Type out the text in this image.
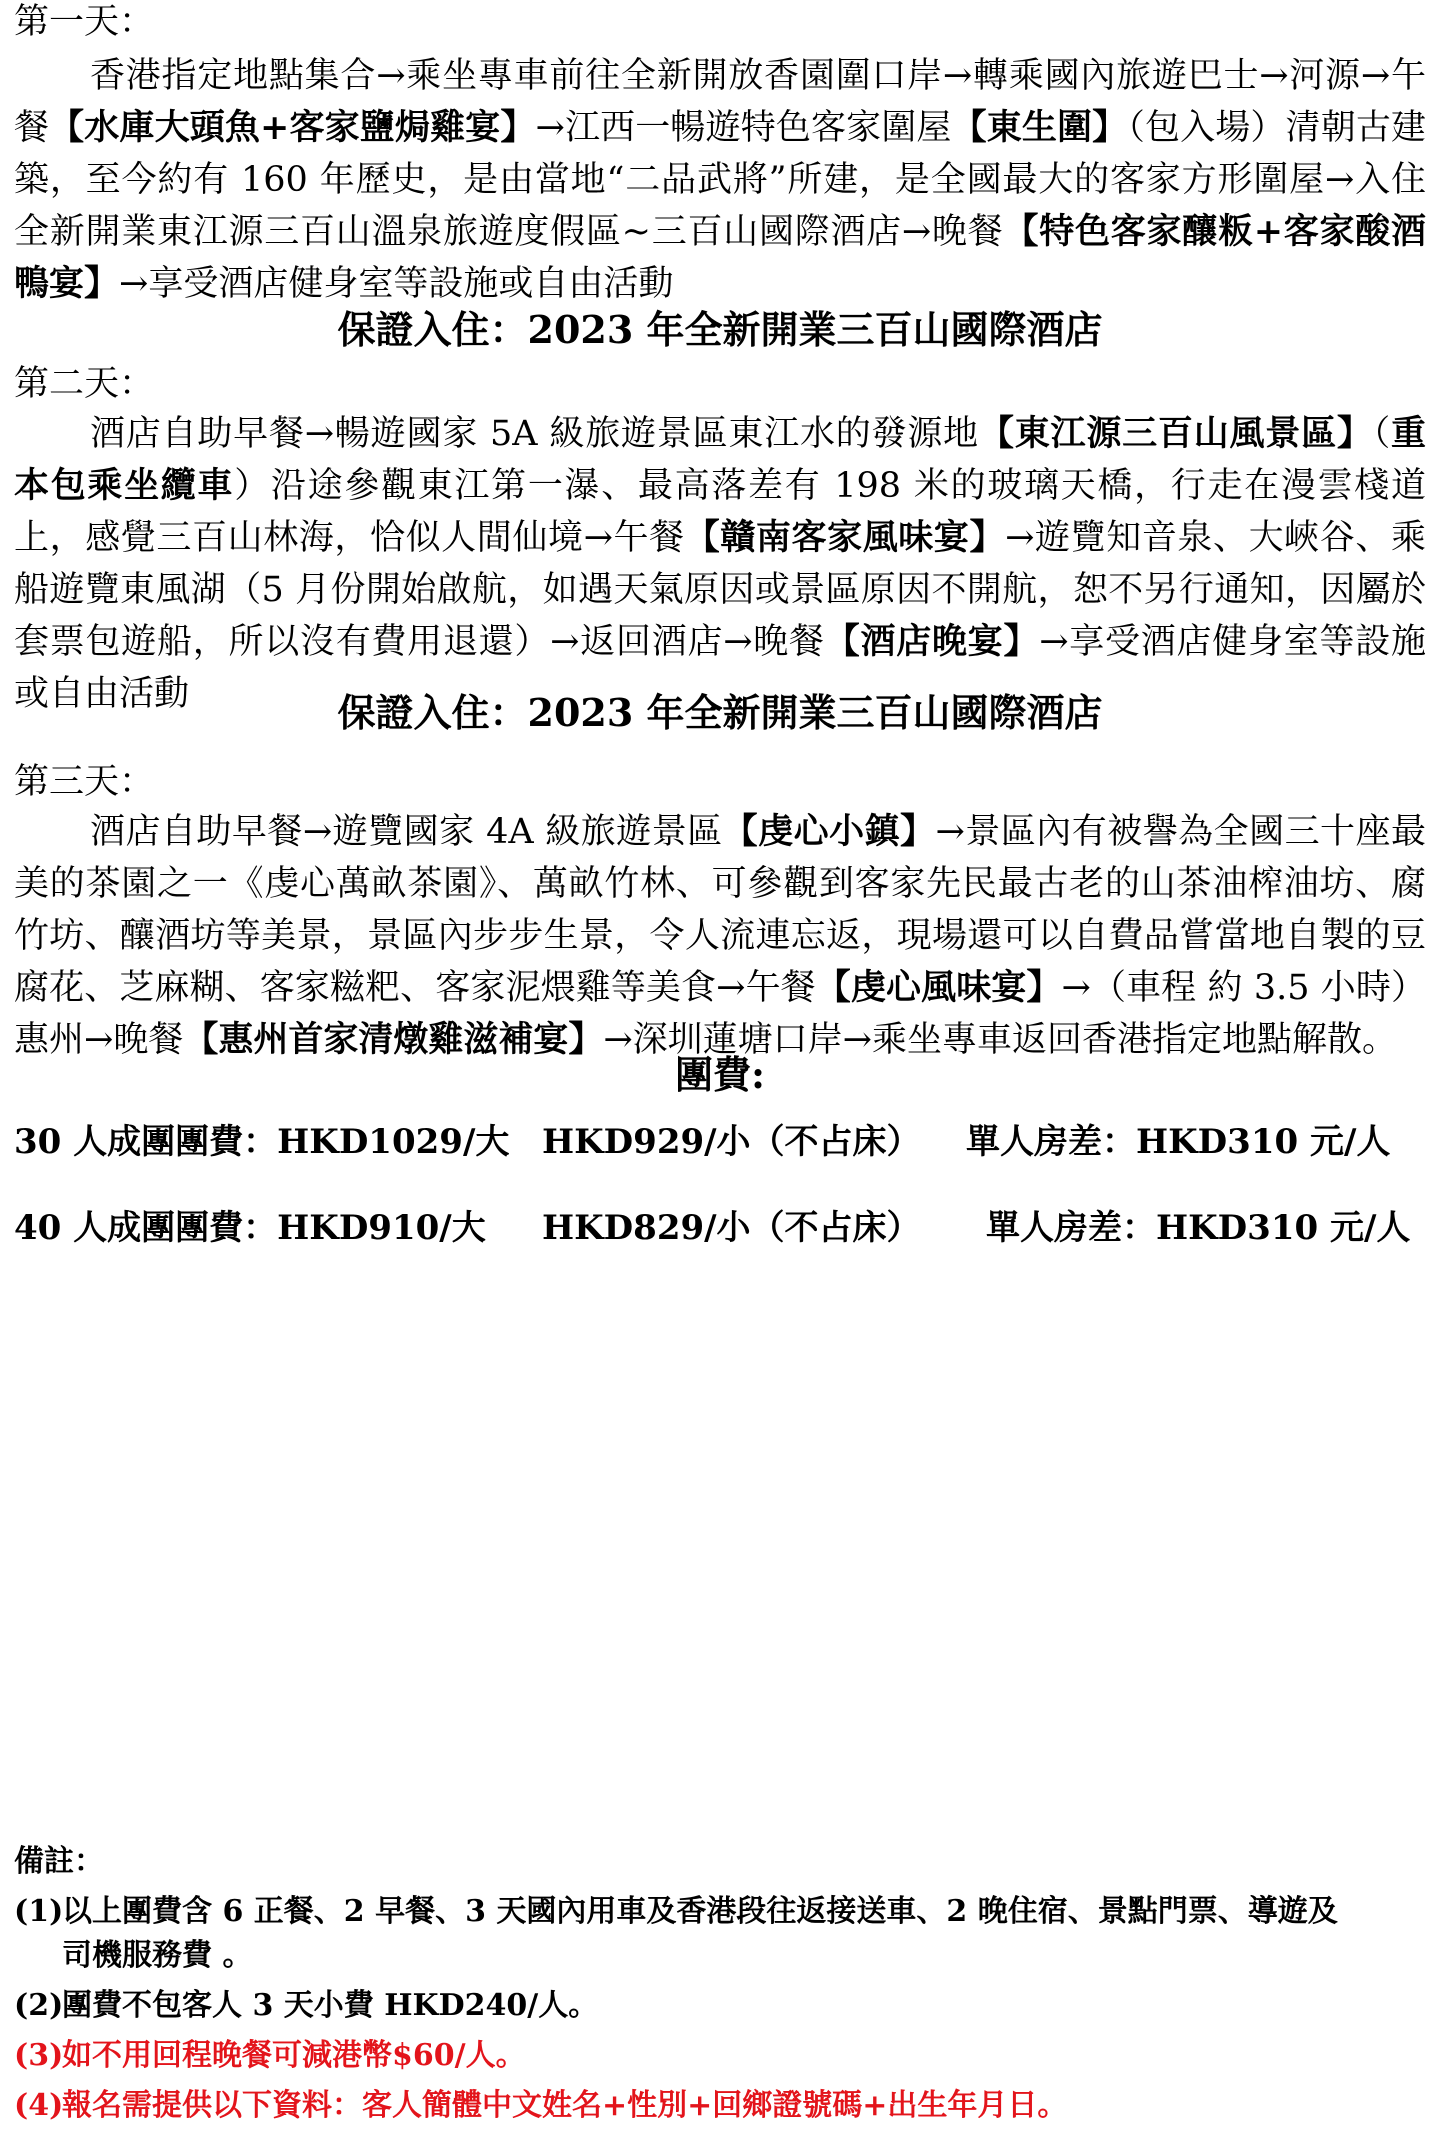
第一天：
香港指定地點集合→乘坐專車前往全新開放香園圍口岸→轉乘國內旅遊巴士→河源→午餐【水庫大頭魚+客家鹽焗雞宴】→江西一暢遊特色客家圍屋【東生圍】（包入場）清朝古建築，至今約有 160 年歷史，是由當地“二品武將”所建，是全國最大的客家方形圍屋→入住全新開業東江源三百山溫泉旅遊度假區~三百山國際酒店→晚餐【特色客家釀粄+客家酸酒鴨宴】→享受酒店健身室等設施或自由活動
保證入住：2023 年全新開業三百山國際酒店
第二天：
酒店自助早餐→暢遊國家 5A 級旅遊景區東江水的發源地【東江源三百山風景區】（重本包乘坐纜車）沿途參觀東江第一瀑、最高落差有 198 米的玻璃天橋，行走在漫雲棧道上，感覺三百山林海，恰似人間仙境→午餐【贛南客家風味宴】→遊覽知音泉、大峽谷、乘船遊覽東風湖（5 月份開始啟航，如遇天氣原因或景區原因不開航，恕不另行通知，因屬於套票包遊船，所以沒有費用退還）→返回酒店→晚餐【酒店晚宴】→享受酒店健身室等設施或自由活動	保證入住：2023 年全新開業三百山國際酒店
第三天：
酒店自助早餐→遊覽國家 4A 級旅遊景區【虔心小鎮】→景區內有被譽為全國三十座最美的茶園之一《虔心萬畝茶園》、萬畝竹林、可參觀到客家先民最古老的山茶油榨油坊、腐竹坊、釀酒坊等美景，景區內步步生景，令人流連忘返，現場還可以自費品嘗當地自製的豆腐花、芝麻糊、客家糍粑、客家泥煨雞等美食→午餐【虔心風味宴】→（車程 約 3.5 小時）惠州→晚餐【惠州首家清燉雞滋補宴】→深圳蓮塘口岸→乘坐專車返回香港指定地點解散。
團費:
30 人成團團費：HKD1029/大 HKD929/小（不占床） 單人房差：HKD310 元/人
40 人成團團費：HKD910/大 HKD829/小（不占床） 單人房差：HKD310 元/人
備註：
(1)以上團費含 6 正餐、2 早餐、3 天國內用車及香港段往返接送車、2 晚住宿、景點門票、導遊及
司機服務費 。
(2)團費不包客人 3 天小費 HKD240/人。
(3)如不用回程晚餐可減港幣$60/人。
(4)報名需提供以下資料：客人簡體中文姓名+性別+回鄉證號碼+出生年月日。
